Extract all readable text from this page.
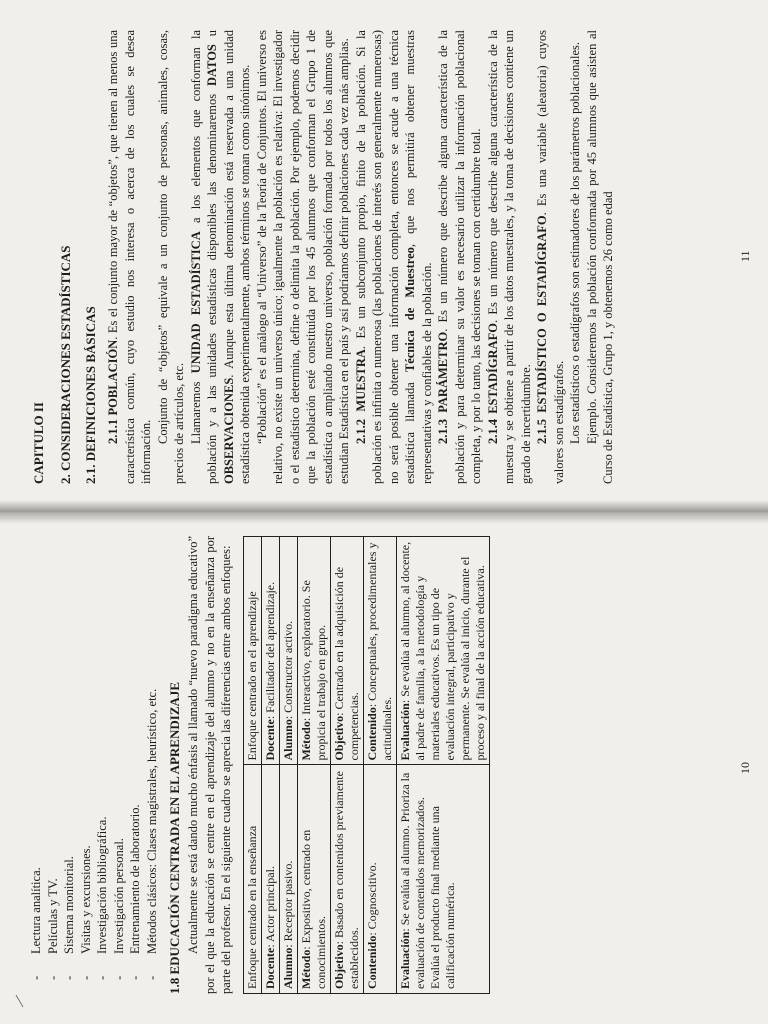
-Lectura analítica.
-Películas y TV.
-Sistema monitorial.
-Visitas y excursiones.
-Investigación bibliográfica.
-Investigación personal.
-Entrenamiento de laboratorio.
-Métodos clásicos: Clases magistrales, heurístico, etc. 1.8 EDUCACIÓN CENTRADA EN EL APRENDIZAJE Actualmente se está dando mucho énfasis al llamado “nuevo paradigma educativo” por el que la educación se centre en el aprendizaje del alumno y no en la enseñanza por parte del profesor. En el siguiente cuadro se aprecia las diferencias entre ambos enfoques: Enfoque centrado en la enseñanza	Enfoque centrado en el aprendizaje
Docente: Actor principal.	Docente: Facilitador del aprendizaje.
Alumno: Receptor pasivo.	Alumno: Constructor activo.
Método: Expositivo, centrado en conocimientos.	Método: Interactivo, exploratorio. Se propicia el trabajo en grupo.
Objetivo: Basado en contenidos previamente establecidos.	Objetivo: Centrado en la adquisición de competencias.
Contenido: Cognoscitivo.	Contenido: Conceptuales, procedimentales y actitudinales.
Evaluación: Se evalúa al alumno. Prioriza la evaluación de contenidos memorizados. Evalúa el producto final mediante una calificación numérica.	Evaluación: Se evalúa al alumno, al docente, al padre de familia, a la metodología y materiales educativos. Es un tipo de evaluación integral, participativo y permanente. Se evalúa al inicio, durante el proceso y al final de la acción educativa.
10
CAPITULO II 2. CONSIDERACIONES ESTADÍSTICAS 2.1. DEFINICIONES BÁSICAS 2.1.1 POBLACIÓN. Es el conjunto mayor de “objetos”, que tienen al menos una característica común, cuyo estudio nos interesa o acerca de los cuales se desea información.

Conjunto de “objetos” equivale a un conjunto de personas, animales, cosas, precios de artículos, etc. Llamaremos UNIDAD ESTADÍSTICA a los elementos que conforman la población y a las unidades estadísticas disponibles las denominaremos DATOS u OBSERVACIONES. Aunque esta última denominación está reservada a una unidad estadística obtenida experimentalmente, ambos términos se toman como sinónimos. “Población” es el análogo al “Universo” de la Teoría de Conjuntos. El universo es relativo, no existe un universo único; igualmente la población es relativa: El investigador o el estadístico determina, define o delimita la población. Por ejemplo, podemos decidir que la población esté constituida por los 45 alumnos que conforman el Grupo 1 de estadística o ampliando nuestro universo, población formada por todos los alumnos que estudian Estadística en el país y así podríamos definir poblaciones cada vez más amplias. 2.1.2 MUESTRA. Es un subconjunto propio, finito de la población. Si la población es infinita o numerosa (las poblaciones de interés son generalmente numerosas) no será posible obtener una información completa, entonces se acude a una técnica estadística llamada Técnica de Muestreo, que nos permitirá obtener muestras representativas y confiables de la población. 2.1.3 PARÁMETRO. Es un número que describe alguna característica de la población y para determinar su valor es necesario utilizar la información poblacional completa, y por lo tanto, las decisiones se toman con certidumbre total. 2.1.4 ESTADÍGRAFO. Es un número que describe alguna característica de la muestra y se obtiene a partir de los datos muestrales, y la toma de decisiones contiene un grado de incertidumbre. 2.1.5 ESTADÍSTICO O ESTADÍGRAFO. Es una variable (aleatoria) cuyos valores son estadígrafos. Los estadísticos o estadígrafos son estimadores de los parámetros poblacionales. Ejemplo. Consideremos la población conformada por 45 alumnos que asisten al Curso de Estadística, Grupo 1, y obtenemos 26 como edad	11
